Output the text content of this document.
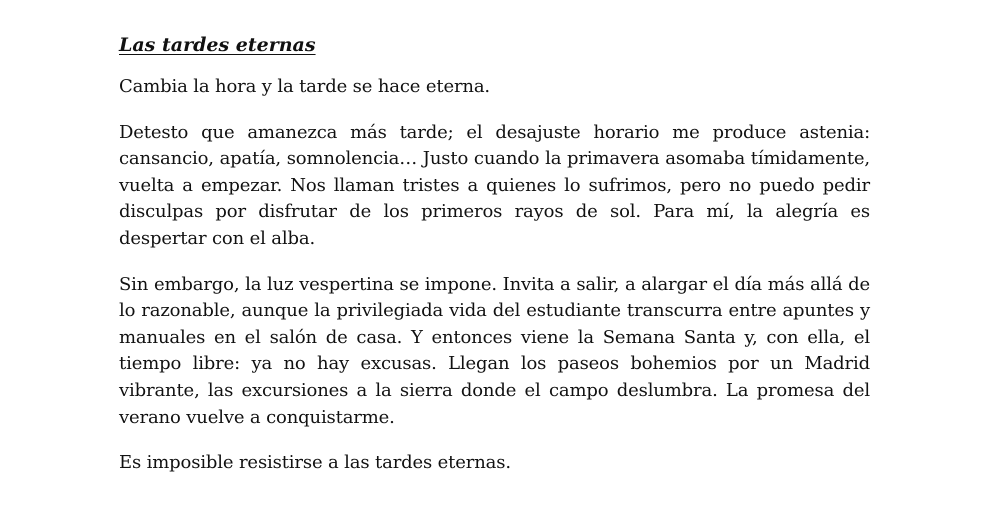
Las tardes eternas

Cambia la hora y la tarde se hace eterna.

Detesto que amanezca más tarde; el desajuste horario me produce astenia: cansancio, apatía, somnolencia… Justo cuando la primavera asomaba tímidamente, vuelta a empezar. Nos llaman tristes a quienes lo sufrimos, pero no puedo pedir disculpas por disfrutar de los primeros rayos de sol. Para mí, la alegría es despertar con el alba.

Sin embargo, la luz vespertina se impone. Invita a salir, a alargar el día más allá de lo razonable, aunque la privilegiada vida del estudiante transcurra entre apuntes y manuales en el salón de casa. Y entonces viene la Semana Santa y, con ella, el tiempo libre: ya no hay excusas. Llegan los paseos bohemios por un Madrid vibrante, las excursiones a la sierra donde el campo deslumbra. La promesa del verano vuelve a conquistarme.

Es imposible resistirse a las tardes eternas.
